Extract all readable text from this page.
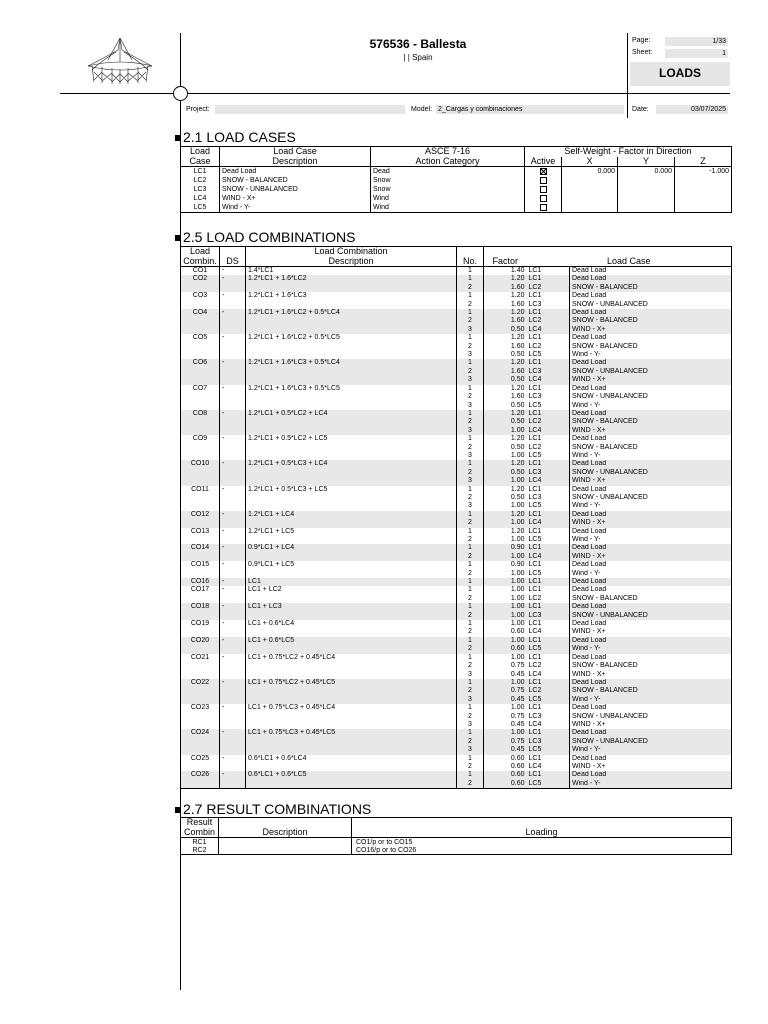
576536 - Ballesta
| | Spain
Page:	1/33
Sheet:	1
LOADS
Project:	Model: 2_Cargas y combinaciones	Date:	03/07/2025
2.1 LOAD CASES
Load	Load Case	ASCE 7-16	Self-Weight - Factor in Direction			
Case	Description	Action Category	Active	X	Y	Z
LC1	Dead Load	Dead		0.000	0.000	-1.000
LC2	SNOW - BALANCED	Snow				
LC3	SNOW - UNBALANCED	Snow				
LC4	WIND - X+	Wind				
LC5	Wind - Y-	Wind				
2.5 LOAD COMBINATIONS
Load		Load Combination				
Combin.	DS	Description	No.	Factor	Load Case	
CO1	-	1.4*LC1	1	1.40	LC1	Dead Load
CO2	-	1.2*LC1 + 1.6*LC2	1	1.20	LC1	Dead Load
			2	1.60	LC2	SNOW - BALANCED
CO3	-	1.2*LC1 + 1.6*LC3	1	1.20	LC1	Dead Load
			2	1.60	LC3	SNOW - UNBALANCED
CO4	-	1.2*LC1 + 1.6*LC2 + 0.5*LC4	1	1.20	LC1	Dead Load
			2	1.60	LC2	SNOW - BALANCED
			3	0.50	LC4	WIND - X+
CO5	-	1.2*LC1 + 1.6*LC2 + 0.5*LC5	1	1.20	LC1	Dead Load
			2	1.60	LC2	SNOW - BALANCED
			3	0.50	LC5	Wind - Y-
CO6	-	1.2*LC1 + 1.6*LC3 + 0.5*LC4	1	1.20	LC1	Dead Load
			2	1.60	LC3	SNOW - UNBALANCED
			3	0.50	LC4	WIND - X+
CO7	-	1.2*LC1 + 1.6*LC3 + 0.5*LC5	1	1.20	LC1	Dead Load
			2	1.60	LC3	SNOW - UNBALANCED
			3	0.50	LC5	Wind - Y-
CO8	-	1.2*LC1 + 0.5*LC2 + LC4	1	1.20	LC1	Dead Load
			2	0.50	LC2	SNOW - BALANCED
			3	1.00	LC4	WIND - X+
CO9	-	1.2*LC1 + 0.5*LC2 + LC5	1	1.20	LC1	Dead Load
			2	0.50	LC2	SNOW - BALANCED
			3	1.00	LC5	Wind - Y-
CO10	-	1.2*LC1 + 0.5*LC3 + LC4	1	1.20	LC1	Dead Load
			2	0.50	LC3	SNOW - UNBALANCED
			3	1.00	LC4	WIND - X+
CO11	-	1.2*LC1 + 0.5*LC3 + LC5	1	1.20	LC1	Dead Load
			2	0.50	LC3	SNOW - UNBALANCED
			3	1.00	LC5	Wind - Y-
CO12	-	1.2*LC1 + LC4	1	1.20	LC1	Dead Load
			2	1.00	LC4	WIND - X+
CO13	-	1.2*LC1 + LC5	1	1.20	LC1	Dead Load
			2	1.00	LC5	Wind - Y-
CO14	-	0.9*LC1 + LC4	1	0.90	LC1	Dead Load
			2	1.00	LC4	WIND - X+
CO15	-	0.9*LC1 + LC5	1	0.90	LC1	Dead Load
			2	1.00	LC5	Wind - Y-
CO16	-	LC1	1	1.00	LC1	Dead Load
CO17	-	LC1 + LC2	1	1.00	LC1	Dead Load
			2	1.00	LC2	SNOW - BALANCED
CO18	-	LC1 + LC3	1	1.00	LC1	Dead Load
			2	1.00	LC3	SNOW - UNBALANCED
CO19	-	LC1 + 0.6*LC4	1	1.00	LC1	Dead Load
			2	0.60	LC4	WIND - X+
CO20	-	LC1 + 0.6*LC5	1	1.00	LC1	Dead Load
			2	0.60	LC5	Wind - Y-
CO21	-	LC1 + 0.75*LC2 + 0.45*LC4	1	1.00	LC1	Dead Load
			2	0.75	LC2	SNOW - BALANCED
			3	0.45	LC4	WIND - X+
CO22	-	LC1 + 0.75*LC2 + 0.45*LC5	1	1.00	LC1	Dead Load
			2	0.75	LC2	SNOW - BALANCED
			3	0.45	LC5	Wind - Y-
CO23	-	LC1 + 0.75*LC3 + 0.45*LC4	1	1.00	LC1	Dead Load
			2	0.75	LC3	SNOW - UNBALANCED
			3	0.45	LC4	WIND - X+
CO24	-	LC1 + 0.75*LC3 + 0.45*LC5	1	1.00	LC1	Dead Load
			2	0.75	LC3	SNOW - UNBALANCED
			3	0.45	LC5	Wind - Y-
CO25	-	0.6*LC1 + 0.6*LC4	1	0.60	LC1	Dead Load
			2	0.60	LC4	WIND - X+
CO26	-	0.6*LC1 + 0.6*LC5	1	0.60	LC1	Dead Load
			2	0.60	LC5	Wind - Y-
2.7 RESULT COMBINATIONS
Result		
Combin	Description	Loading
RC1		CO1/p or to CO15
RC2		CO16/p or to CO26
